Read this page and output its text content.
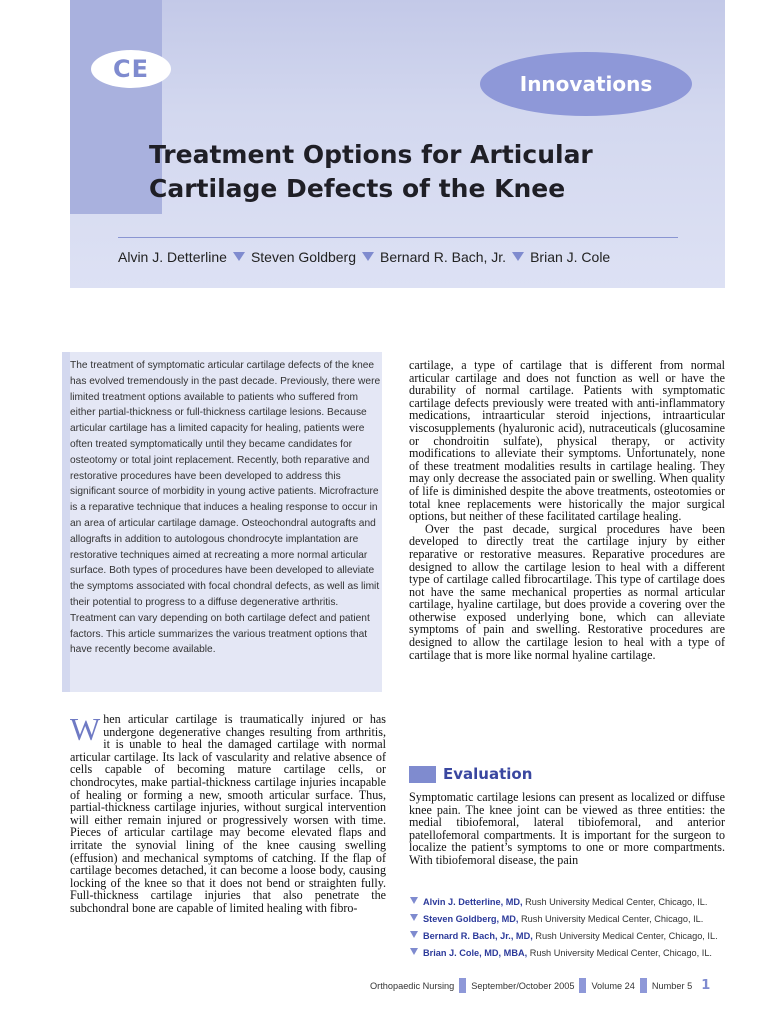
CE
Innovations
Treatment Options for Articular Cartilage Defects of the Knee
Alvin J. Detterline Steven Goldberg Bernard R. Bach, Jr. Brian J. Cole

The treatment of symptomatic articular cartilage defects of the knee has evolved tremendously in the past decade. Previously, there were limited treatment options available to patients who suffered from either partial-thickness or full-thickness cartilage lesions. Because articular cartilage has a limited capacity for healing, patients were often treated symptomatically until they became candidates for osteotomy or total joint replacement. Recently, both reparative and restorative procedures have been developed to address this significant source of morbidity in young active patients. Microfracture is a reparative technique that induces a healing response to occur in an area of articular cartilage damage. Osteochondral autografts and allografts in addition to autologous chondrocyte implantation are restorative techniques aimed at recreating a more normal articular surface. Both types of procedures have been developed to alleviate the symptoms associated with focal chondral defects, as well as limit their potential to progress to a diffuse degenerative arthritis. Treatment can vary depending on both cartilage defect and patient factors. This article summarizes the various treatment options that have recently become available.

When articular cartilage is traumatically injured or has undergone degenerative changes resulting from arthritis, it is unable to heal the damaged cartilage with normal articular cartilage. Its lack of vascularity and relative absence of cells capable of becoming mature cartilage cells, or chondrocytes, make partial-thickness cartilage injuries incapable of healing or forming a new, smooth articular surface. Thus, partial-thickness cartilage injuries, without surgical intervention will either remain injured or progressively worsen with time. Pieces of articular cartilage may become elevated flaps and irritate the synovial lining of the knee causing swelling (effusion) and mechanical symptoms of catching. If the flap of cartilage becomes detached, it can become a loose body, causing locking of the knee so that it does not bend or straighten fully. Full-thickness cartilage injuries that also penetrate the subchondral bone are capable of limited healing with fibro-

cartilage, a type of cartilage that is different from normal articular cartilage and does not function as well or have the durability of normal cartilage. Patients with symptomatic cartilage defects previously were treated with anti-inflammatory medications, intraarticular steroid injections, intraarticular viscosupplements (hyaluronic acid), nutraceuticals (glucosamine or chondroitin sulfate), physical therapy, or activity modifications to alleviate their symptoms. Unfortunately, none of these treatment modalities results in cartilage healing. They may only decrease the associated pain or swelling. When quality of life is diminished despite the above treatments, osteotomies or total knee replacements were historically the major surgical options, but neither of these facilitated cartilage healing.

Over the past decade, surgical procedures have been developed to directly treat the cartilage injury by either reparative or restorative measures. Reparative procedures are designed to allow the cartilage lesion to heal with a different type of cartilage called fibrocartilage. This type of cartilage does not have the same mechanical properties as normal articular cartilage, hyaline cartilage, but does provide a covering over the otherwise exposed underlying bone, which can alleviate symptoms of pain and swelling. Restorative procedures are designed to allow the cartilage lesion to heal with a type of cartilage that is more like normal hyaline cartilage.

Evaluation

Symptomatic cartilage lesions can present as localized or diffuse knee pain. The knee joint can be viewed as three entities: the medial tibiofemoral, lateral tibiofemoral, and anterior patellofemoral compartments. It is important for the surgeon to localize the patient’s symptoms to one or more compartments. With tibiofemoral disease, the pain

Alvin J. Detterline, MD, Rush University Medical Center, Chicago, IL.
Steven Goldberg, MD, Rush University Medical Center, Chicago, IL.
Bernard R. Bach, Jr., MD, Rush University Medical Center, Chicago, IL.
Brian J. Cole, MD, MBA, Rush University Medical Center, Chicago, IL.
Orthopaedic Nursing September/October 2005 Volume 24 Number 5 1
